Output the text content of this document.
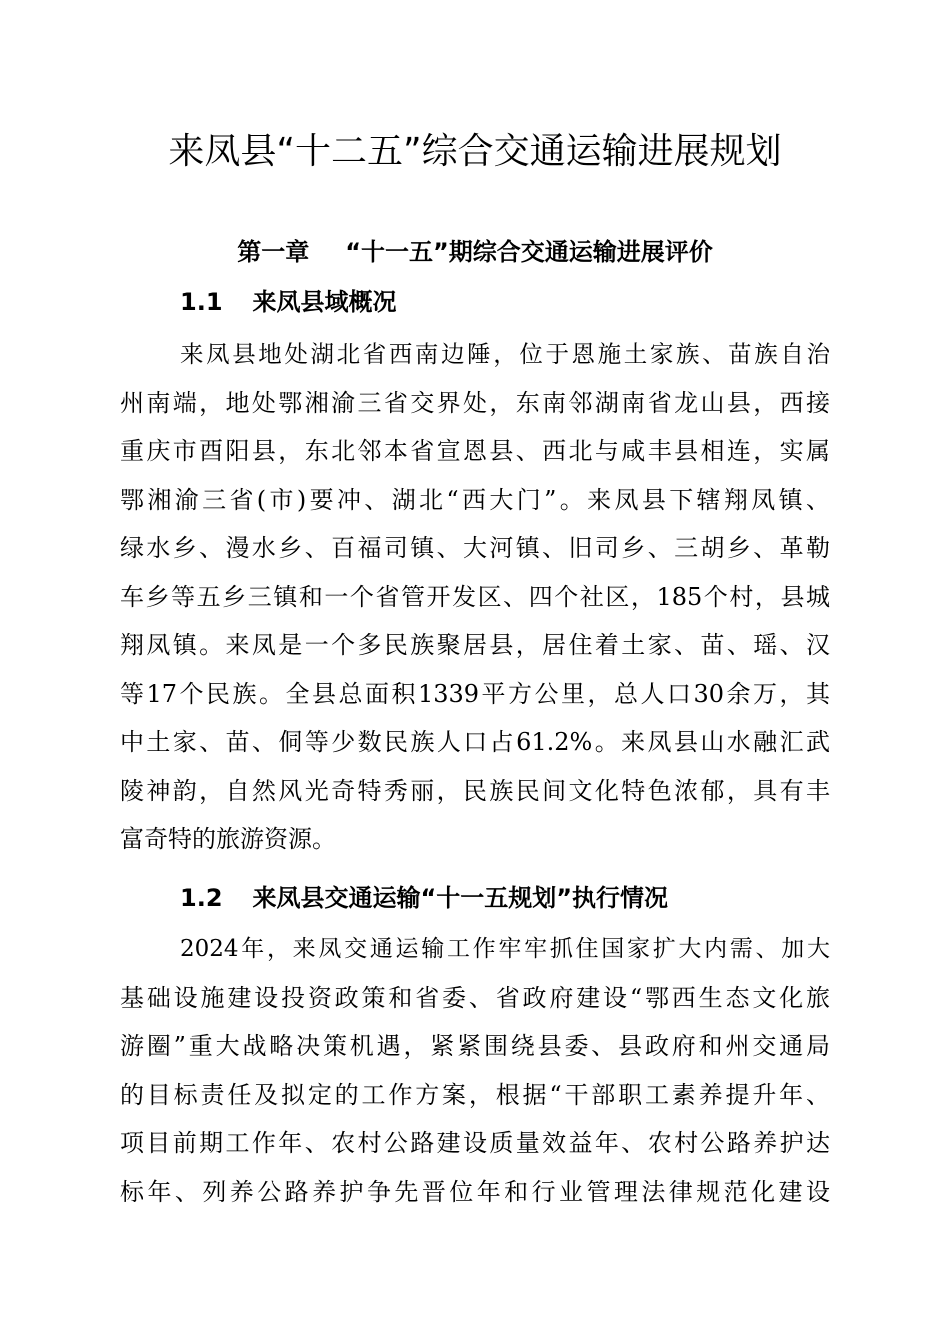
来凤县“十二五”综合交通运输进展规划
第一章 “十一五”期综合交通运输进展评价
1.1 来凤县域概况
来凤县地处湖北省西南边陲，位于恩施土家族、苗族自治
州南端，地处鄂湘渝三省交界处，东南邻湖南省龙山县，西接
重庆市酉阳县，东北邻本省宣恩县、西北与咸丰县相连，实属
鄂湘渝三省(市)要冲、湖北“西大门”。来凤县下辖翔凤镇、
绿水乡、漫水乡、百福司镇、大河镇、旧司乡、三胡乡、革勒
车乡等五乡三镇和一个省管开发区、四个社区，185个村，县城
翔凤镇。来凤是一个多民族聚居县，居住着土家、苗、瑶、汉
等17个民族。全县总面积1339平方公里，总人口30余万，其
中土家、苗、侗等少数民族人口占61.2%。来凤县山水融汇武
陵神韵，自然风光奇特秀丽，民族民间文化特色浓郁，具有丰
富奇特的旅游资源。
1.2 来凤县交通运输“十一五规划”执行情况
2024年，来凤交通运输工作牢牢抓住国家扩大内需、加大
基础设施建设投资政策和省委、省政府建设“鄂西生态文化旅
游圈”重大战略决策机遇，紧紧围绕县委、县政府和州交通局
的目标责任及拟定的工作方案，根据“干部职工素养提升年、
项目前期工作年、农村公路建设质量效益年、农村公路养护达
标年、列养公路养护争先晋位年和行业管理法律规范化建设
